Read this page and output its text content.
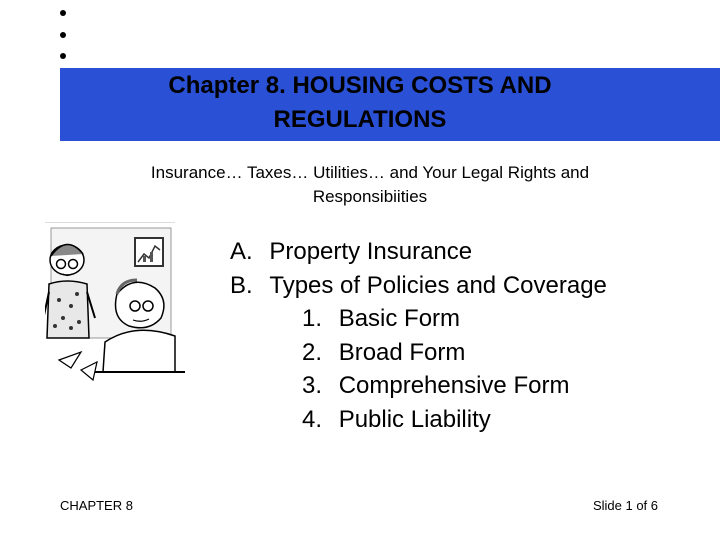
Chapter 8. HOUSING COSTS AND
REGULATIONS
Insurance… Taxes… Utilities… and Your Legal Rights and
Responsibiities
A. Property Insurance
B. Types of Policies and Coverage
1. Basic Form
2. Broad Form
3. Comprehensive Form
4. Public Liability
CHAPTER 8	Slide 1 of 6
